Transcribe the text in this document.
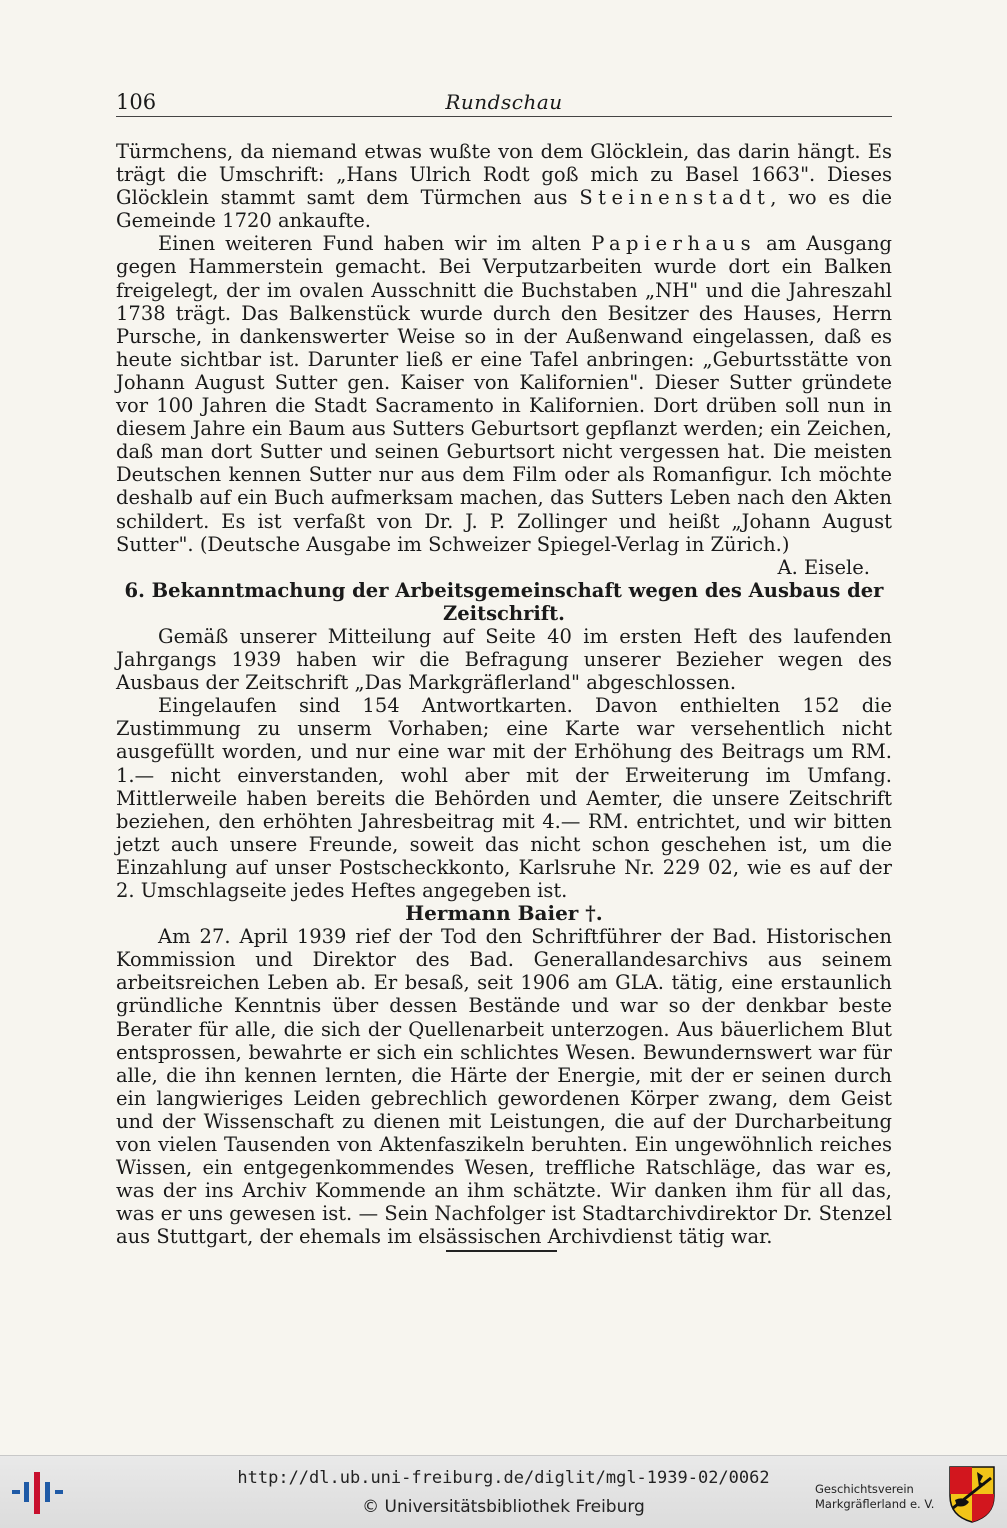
106	Rundschau

Türmchens, da niemand etwas wußte von dem Glöcklein, das darin hängt. Es trägt die Umschrift: „Hans Ulrich Rodt goß mich zu Basel 1663". Dieses Glöcklein stammt samt dem Türmchen aus Steinenstadt, wo es die Gemeinde 1720 ankaufte.

Einen weiteren Fund haben wir im alten Papierhaus am Ausgang gegen Hammerstein gemacht. Bei Verputzarbeiten wurde dort ein Balken freigelegt, der im ovalen Ausschnitt die Buchstaben „NH" und die Jahreszahl 1738 trägt. Das Balkenstück wurde durch den Besitzer des Hauses, Herrn Pursche, in dankenswerter Weise so in der Außenwand eingelassen, daß es heute sichtbar ist. Darunter ließ er eine Tafel anbringen: „Geburtsstätte von Johann August Sutter gen. Kaiser von Kalifornien". Dieser Sutter gründete vor 100 Jahren die Stadt Sacramento in Kalifornien. Dort drüben soll nun in diesem Jahre ein Baum aus Sutters Geburtsort gepflanzt werden; ein Zeichen, daß man dort Sutter und seinen Geburtsort nicht vergessen hat. Die meisten Deutschen kennen Sutter nur aus dem Film oder als Romanfigur. Ich möchte deshalb auf ein Buch aufmerksam machen, das Sutters Leben nach den Akten schildert. Es ist verfaßt von Dr. J. P. Zollinger und heißt „Johann August Sutter". (Deutsche Ausgabe im Schweizer Spiegel-Verlag in Zürich.)
A. Eisele.

6. Bekanntmachung der Arbeitsgemeinschaft wegen des Ausbaus der Zeitschrift.

Gemäß unserer Mitteilung auf Seite 40 im ersten Heft des laufenden Jahrgangs 1939 haben wir die Befragung unserer Bezieher wegen des Ausbaus der Zeitschrift „Das Markgräflerland" abgeschlossen.

Eingelaufen sind 154 Antwortkarten. Davon enthielten 152 die Zustimmung zu unserm Vorhaben; eine Karte war versehentlich nicht ausgefüllt worden, und nur eine war mit der Erhöhung des Beitrags um RM. 1.— nicht einverstanden, wohl aber mit der Erweiterung im Umfang. Mittlerweile haben bereits die Behörden und Aemter, die unsere Zeitschrift beziehen, den erhöhten Jahresbeitrag mit 4.— RM. entrichtet, und wir bitten jetzt auch unsere Freunde, soweit das nicht schon geschehen ist, um die Einzahlung auf unser Postscheckkonto, Karlsruhe Nr. 229 02, wie es auf der 2. Umschlagseite jedes Heftes angegeben ist.

Hermann Baier †.

Am 27. April 1939 rief der Tod den Schriftführer der Bad. Historischen Kommission und Direktor des Bad. Generallandesarchivs aus seinem arbeitsreichen Leben ab. Er besaß, seit 1906 am GLA. tätig, eine erstaunlich gründliche Kenntnis über dessen Bestände und war so der denkbar beste Berater für alle, die sich der Quellenarbeit unterzogen. Aus bäuerlichem Blut entsprossen, bewahrte er sich ein schlichtes Wesen. Bewundernswert war für alle, die ihn kennen lernten, die Härte der Energie, mit der er seinen durch ein langwieriges Leiden gebrechlich gewordenen Körper zwang, dem Geist und der Wissenschaft zu dienen mit Leistungen, die auf der Durcharbeitung von vielen Tausenden von Aktenfaszikeln beruhten. Ein ungewöhnlich reiches Wissen, ein entgegenkommendes Wesen, treffliche Ratschläge, das war es, was der ins Archiv Kommende an ihm schätzte. Wir danken ihm für all das, was er uns gewesen ist. — Sein Nachfolger ist Stadtarchivdirektor Dr. Stenzel aus Stuttgart, der ehemals im elsässischen Archivdienst tätig war.

http://dl.ub.uni-freiburg.de/diglit/mgl-1939-02/0062
© Universitätsbibliothek Freiburg
Geschichtsverein
Markgräflerland e. V.
